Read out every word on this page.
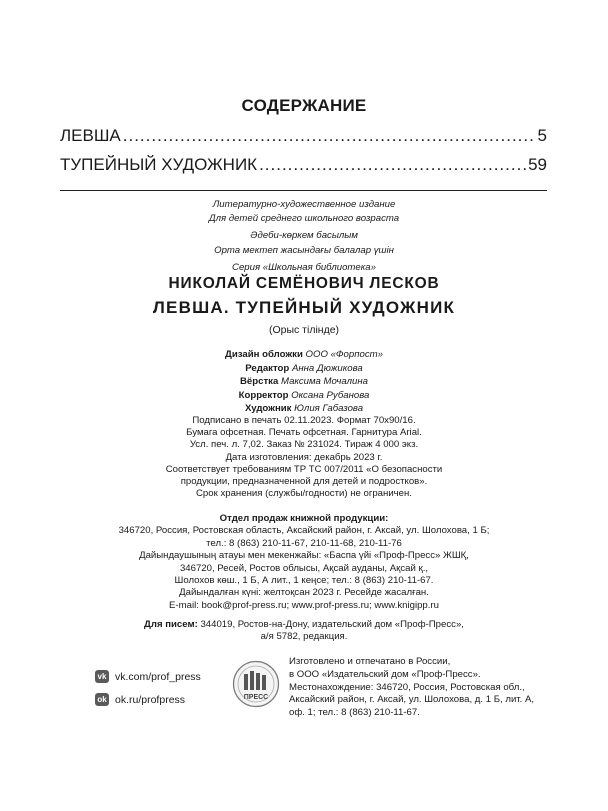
СОДЕРЖАНИЕ
ЛЕВША .....	5
ТУПЕЙНЫЙ ХУДОЖНИК .....	59
Литературно-художественное издание
Для детей среднего школьного возраста
Әдеби-көркем басылым
Орта мектеп жасындағы балалар үшін
Серия «Школьная библиотека»
НИКОЛАЙ СЕМЁНОВИЧ ЛЕСКОВ
ЛЕВША. ТУПЕЙНЫЙ ХУДОЖНИК
(Орыс тілінде)
Дизайн обложки ООО «Форпост»
Редактор Анна Дюжикова
Вёрстка Максима Мочалина
Корректор Оксана Рубанова
Художник Юлия Габазова
Подписано в печать 02.11.2023. Формат 70х90/16.
Бумага офсетная. Печать офсетная. Гарнитура Arial.
Усл. печ. л. 7,02. Заказ № 231024. Тираж 4 000 экз.
Дата изготовления: декабрь 2023 г.
Соответствует требованиям ТР ТС 007/2011 «О безопасности
продукции, предназначенной для детей и подростков».
Срок хранения (службы/годности) не ограничен.
Отдел продаж книжной продукции:
346720, Россия, Ростовская область, Аксайский район, г. Аксай, ул. Шолохова, 1 Б;
тел.: 8 (863) 210-11-67, 210-11-68, 210-11-76
Дайындаушының атауы мен мекенжайы: «Баспа үйі «Проф-Пресс» ЖШҚ,
346720, Ресей, Ростов облысы, Ақсай ауданы, Ақсай қ.,
Шолохов көш., 1 Б, А лит., 1 кеңсе; тел.: 8 (863) 210-11-67.
Дайындалған күні: желтоқсан 2023 г. Ресейде жасалған.
E-mail: book@prof-press.ru; www.prof-press.ru; www.knigipp.ru
Для писем: 344019, Ростов-на-Дону, издательский дом «Проф-Пресс»,
а/я 5782, редакция.
vk vk.com/prof_press
ok ok.ru/profpress	ПРЕСС
Изготовлено и отпечатано в России,
в ООО «Издательский дом «Проф-Пресс».
Местонахождение: 346720, Россия, Ростовская обл.,
Аксайский район, г. Аксай, ул. Шолохова, д. 1 Б, лит. А,
оф. 1; тел.: 8 (863) 210-11-67.
